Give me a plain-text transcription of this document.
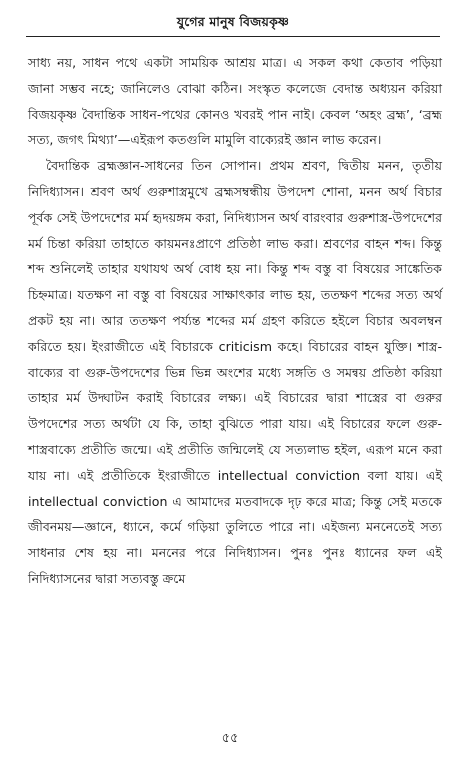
যুগের মানুষ বিজয়কৃষ্ণ

সাধ্য নয়, সাধন পথে একটা সাময়িক আশ্রয় মাত্র। এ সকল কথা কেতাব পড়িয়া জানা সম্ভব নহে; জানিলেও বোঝা কঠিন। সংস্কৃত কলেজে বেদান্ত অধ্যয়ন করিয়া বিজয়কৃষ্ণ বৈদান্তিক সাধন-পথের কোনও খবরই পান নাই। কেবল ‘অহং ব্রহ্ম’, ‘ব্রহ্ম সত্য, জগৎ মিথ্যা’—এইরূপ কতগুলি মামুলি বাক্যেরই জ্ঞান লাভ করেন।

বৈদান্তিক ব্রহ্মজ্ঞান-সাধনের তিন সোপান। প্রথম শ্রবণ, দ্বিতীয় মনন, তৃতীয় নিদিধ্যাসন। শ্রবণ অর্থ গুরুশাস্ত্রমুখে ব্রহ্মসম্বন্ধীয় উপদেশ শোনা, মনন অর্থ বিচার পূর্বক সেই উপদেশের মর্ম হৃদয়ঙ্গম করা, নিদিধ্যাসন অর্থ বারংবার গুরুশাস্ত্র-উপদেশের মর্ম চিন্তা করিয়া তাহাতে কায়মনঃপ্রাণে প্রতিষ্ঠা লাভ করা। শ্রবণের বাহন শব্দ। কিন্তু শব্দ শুনিলেই তাহার যথাযথ অর্থ বোধ হয় না। কিন্তু শব্দ বস্তু বা বিষয়ের সাঙ্কেতিক চিহ্নমাত্র। যতক্ষণ না বস্তু বা বিষয়ের সাক্ষাৎকার লাভ হয়, ততক্ষণ শব্দের সত্য অর্থ প্রকট হয় না। আর ততক্ষণ পর্য্যন্ত শব্দের মর্ম গ্রহণ করিতে হইলে বিচার অবলম্বন করিতে হয়। ইংরাজীতে এই বিচারকে criticism কহে। বিচারের বাহন যুক্তি। শাস্ত্র-বাক্যের বা গুরু-উপদেশের ভিন্ন ভিন্ন অংশের মধ্যে সঙ্গতি ও সমন্বয় প্রতিষ্ঠা করিয়া তাহার মর্ম উদ্ঘাটন করাই বিচারের লক্ষ্য। এই বিচারের দ্বারা শাস্ত্রের বা গুরুর উপদেশের সত্য অর্থটা যে কি, তাহা বুঝিতে পারা যায়। এই বিচারের ফলে গুরু-শাস্ত্রবাক্যে প্রতীতি জন্মে। এই প্রতীতি জন্মিলেই যে সত্যলাভ হইল, এরূপ মনে করা যায় না। এই প্রতীতিকে ইংরাজীতে intellectual conviction বলা যায়। এই intellectual conviction এ আমাদের মতবাদকে দৃঢ় করে মাত্র; কিন্তু সেই মতকে জীবনময়—জ্ঞানে, ধ্যানে, কর্মে গড়িয়া তুলিতে পারে না। এইজন্য মননেতেই সত্য সাধনার শেষ হয় না। মননের পরে নিদিধ্যাসন। পুনঃ পুনঃ ধ্যানের ফল এই নিদিধ্যাসনের দ্বারা সত্যবস্তু ক্রমে

৫৫
